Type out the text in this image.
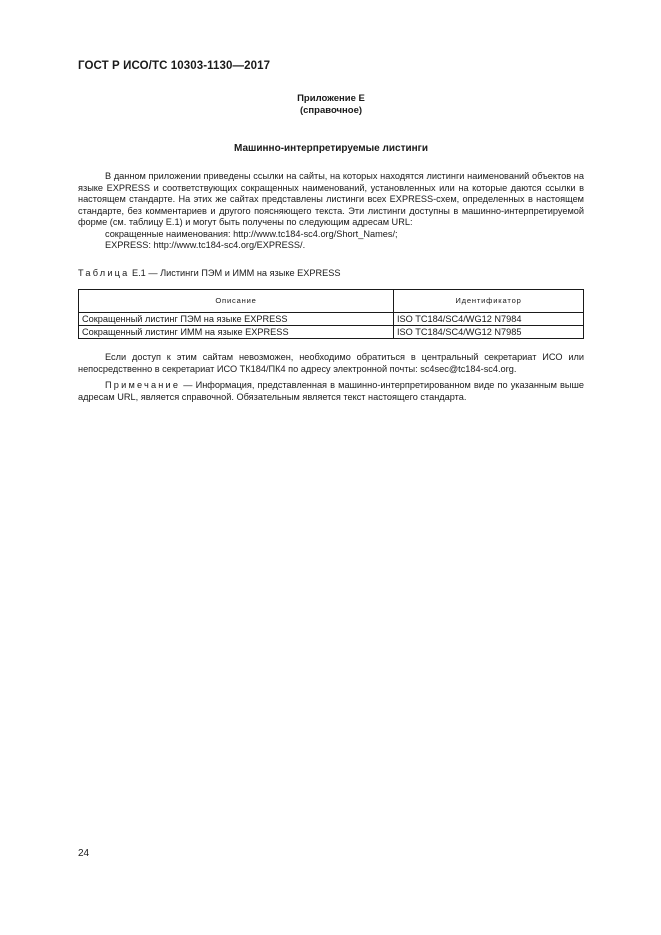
ГОСТ Р ИСО/ТС 10303-1130—2017
Приложение Е
(справочное)
Машинно-интерпретируемые листинги

В данном приложении приведены ссылки на сайты, на которых находятся листинги наименований объектов на языке EXPRESS и соответствующих сокращенных наименований, установленных или на которые даются ссылки в настоящем стандарте. На этих же сайтах представлены листинги всех EXPRESS-схем, определенных в настоящем стандарте, без комментариев и другого поясняющего текста. Эти листинги доступны в машинно-интерпретируемой форме (см. таблицу Е.1) и могут быть получены по следующим адресам URL:

сокращенные наименования: http://www.tc184-sc4.org/Short_Names/;

EXPRESS: http://www.tc184-sc4.org/EXPRESS/.

Таблица Е.1 — Листинги ПЭМ и ИММ на языке EXPRESS
Описание	Идентификатор
Сокращенный листинг ПЭМ на языке EXPRESS	ISO TC184/SC4/WG12 N7984
Сокращенный листинг ИММ на языке EXPRESS	ISO TC184/SC4/WG12 N7985

Если доступ к этим сайтам невозможен, необходимо обратиться в центральный секретариат ИСО или непосредственно в секретариат ИСО ТК184/ПК4 по адресу электронной почты: sc4sec@tc184-sc4.org.

Примечание — Информация, представленная в машинно-интерпретированном виде по указанным выше адресам URL, является справочной. Обязательным является текст настоящего стандарта.

24
